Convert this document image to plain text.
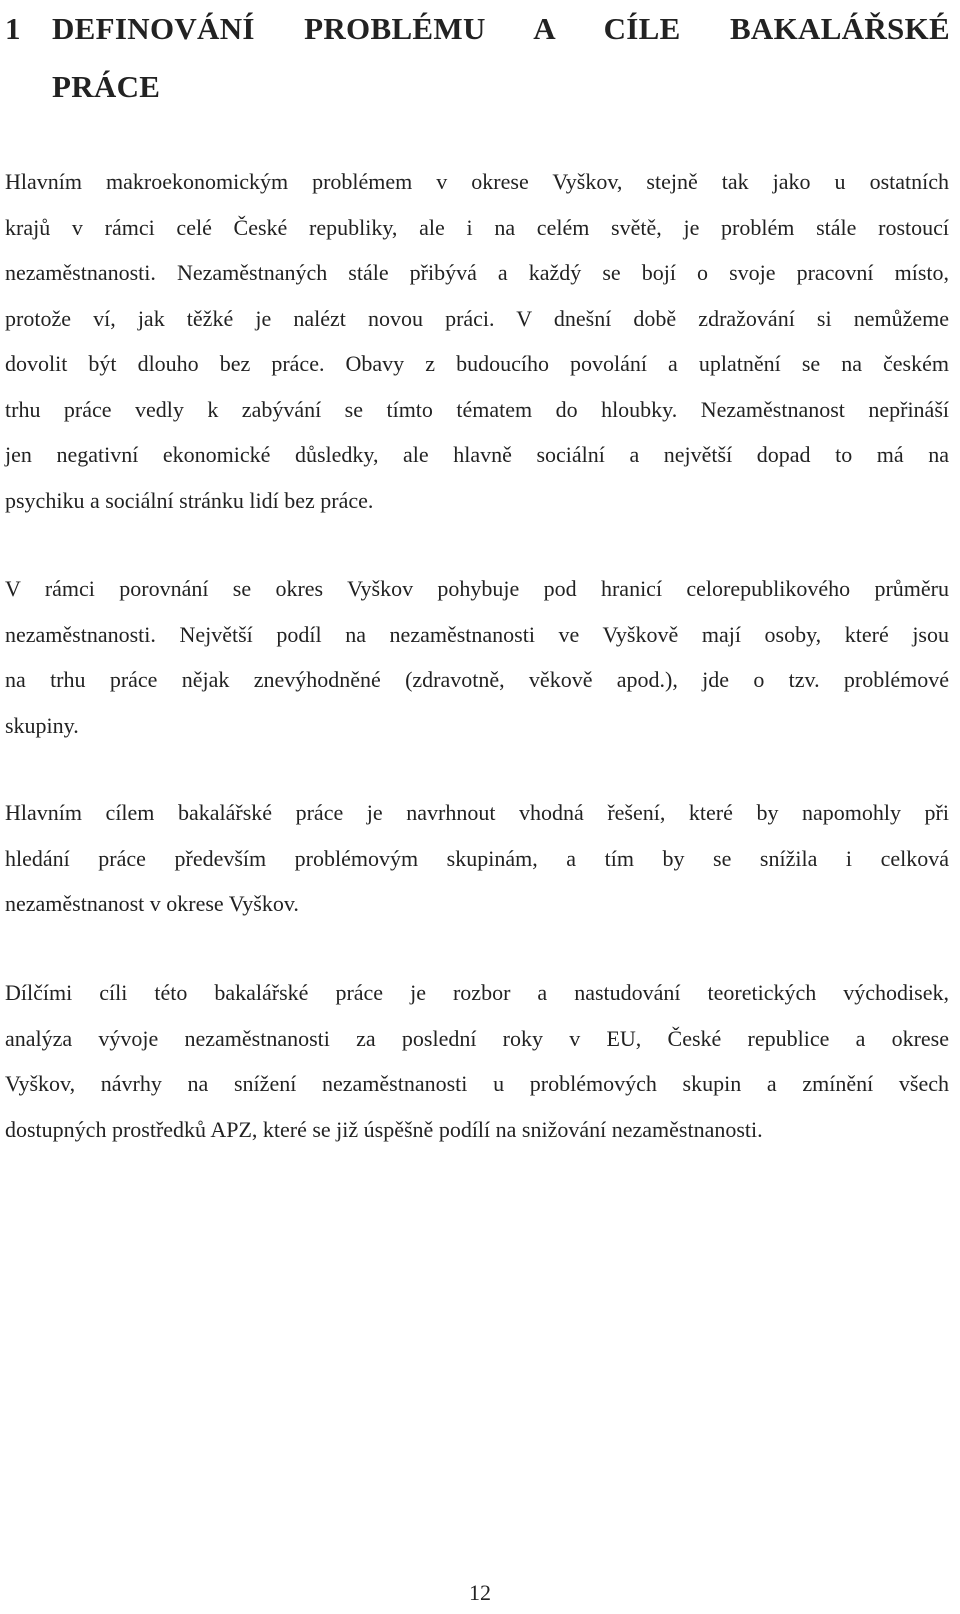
1	DEFINOVÁNÍ PROBLÉMU A CÍLE BAKALÁŘSKÉ
PRÁCE

Hlavním makroekonomickým problémem v okrese Vyškov, stejně tak jako u ostatních
krajů v rámci celé České republiky, ale i na celém světě, je problém stále rostoucí
nezaměstnanosti. Nezaměstnaných stále přibývá a každý se bojí o svoje pracovní místo,
protože ví, jak těžké je nalézt novou práci. V dnešní době zdražování si nemůžeme
dovolit být dlouho bez práce. Obavy z budoucího povolání a uplatnění se na českém
trhu práce vedly k zabývání se tímto tématem do hloubky. Nezaměstnanost nepřináší
jen negativní ekonomické důsledky, ale hlavně sociální a největší dopad to má na
psychiku a sociální stránku lidí bez práce.

V rámci porovnání se okres Vyškov pohybuje pod hranicí celorepublikového průměru
nezaměstnanosti. Největší podíl na nezaměstnanosti ve Vyškově mají osoby, které jsou
na trhu práce nějak znevýhodněné (zdravotně, věkově apod.), jde o tzv. problémové
skupiny.

Hlavním cílem bakalářské práce je navrhnout vhodná řešení, které by napomohly při
hledání práce především problémovým skupinám, a tím by se snížila i celková
nezaměstnanost v okrese Vyškov.

Dílčími cíli této bakalářské práce je rozbor a nastudování teoretických východisek,
analýza vývoje nezaměstnanosti za poslední roky v EU, České republice a okrese
Vyškov, návrhy na snížení nezaměstnanosti u problémových skupin a zmínění všech
dostupných prostředků APZ, které se již úspěšně podílí na snižování nezaměstnanosti.

12
